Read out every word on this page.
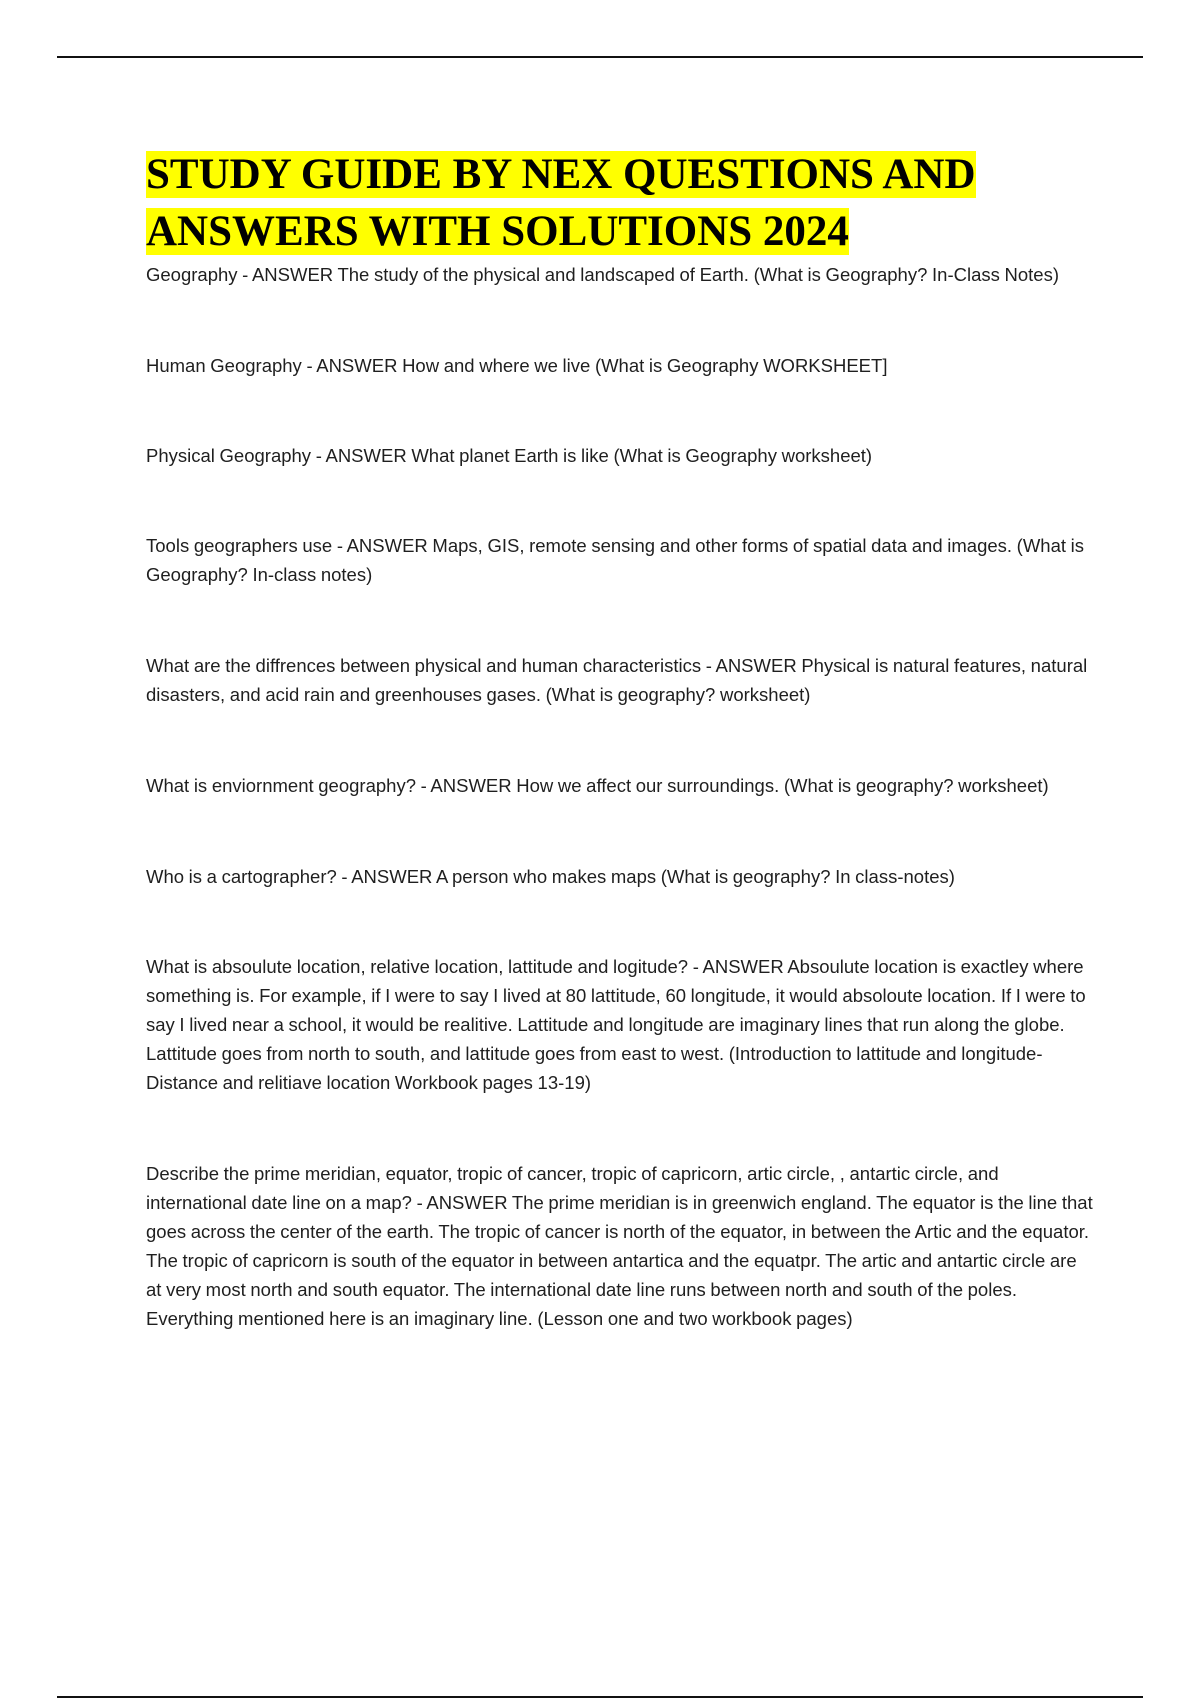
STUDY GUIDE BY NEX QUESTIONS AND
ANSWERS WITH SOLUTIONS 2024
Geography - ANSWER The study of the physical and landscaped of Earth. (What is Geography? In-Class Notes)
Human Geography - ANSWER How and where we live (What is Geography WORKSHEET]
Physical Geography - ANSWER What planet Earth is like (What is Geography worksheet)
Tools geographers use - ANSWER Maps, GIS, remote sensing and other forms of spatial data and images. (What is Geography? In-class notes)
What are the diffrences between physical and human characteristics - ANSWER Physical is natural features, natural disasters, and acid rain and greenhouses gases. (What is geography? worksheet)
What is enviornment geography? - ANSWER How we affect our surroundings. (What is geography? worksheet)
Who is a cartographer? - ANSWER A person who makes maps (What is geography? In class-notes)
What is absoulute location, relative location, lattitude and logitude? - ANSWER Absoulute location is exactley where something is. For example, if I were to say I lived at 80 lattitude, 60 longitude, it would absoloute location. If I were to say I lived near a school, it would be realitive. Lattitude and longitude are imaginary lines that run along the globe. Lattitude goes from north to south, and lattitude goes from east to west. (Introduction to lattitude and longitude- Distance and relitiave location Workbook pages 13-19)
Describe the prime meridian, equator, tropic of cancer, tropic of capricorn, artic circle, , antartic circle, and international date line on a map? - ANSWER The prime meridian is in greenwich england. The equator is the line that goes across the center of the earth. The tropic of cancer is north of the equator, in between the Artic and the equator. The tropic of capricorn is south of the equator in between antartica and the equatpr. The artic and antartic circle are at very most north and south equator. The international date line runs between north and south of the poles. Everything mentioned here is an imaginary line. (Lesson one and two workbook pages)
